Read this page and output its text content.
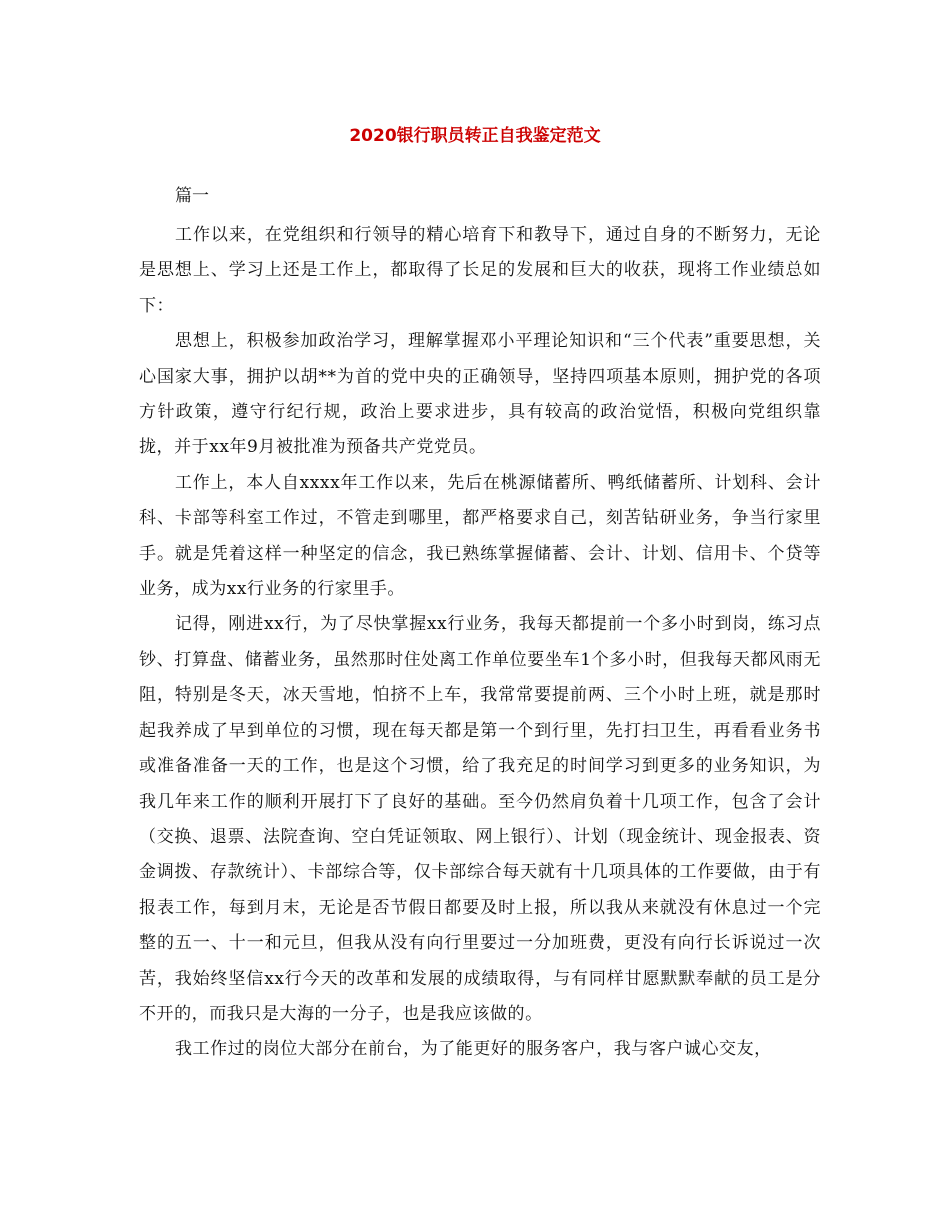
2020银行职员转正自我鉴定范文

篇一

工作以来，在党组织和行领导的精心培育下和教导下，通过自身的不断努力，无论是思想上、学习上还是工作上，都取得了长足的发展和巨大的收获，现将工作业绩总如下：

思想上，积极参加政治学习，理解掌握邓小平理论知识和“三个代表”重要思想，关心国家大事，拥护以胡**为首的党中央的正确领导，坚持四项基本原则，拥护党的各项方针政策，遵守行纪行规，政治上要求进步，具有较高的政治觉悟，积极向党组织靠拢，并于xx年9月被批准为预备共产党党员。

工作上，本人自xxxx年工作以来，先后在桃源储蓄所、鸭纸储蓄所、计划科、会计科、卡部等科室工作过，不管走到哪里，都严格要求自己，刻苦钻研业务，争当行家里手。就是凭着这样一种坚定的信念，我已熟练掌握储蓄、会计、计划、信用卡、个贷等业务，成为xx行业务的行家里手。

记得，刚进xx行，为了尽快掌握xx行业务，我每天都提前一个多小时到岗，练习点钞、打算盘、储蓄业务，虽然那时住处离工作单位要坐车1个多小时，但我每天都风雨无阻，特别是冬天，冰天雪地，怕挤不上车，我常常要提前两、三个小时上班，就是那时起我养成了早到单位的习惯，现在每天都是第一个到行里，先打扫卫生，再看看业务书或准备准备一天的工作，也是这个习惯，给了我充足的时间学习到更多的业务知识，为我几年来工作的顺利开展打下了良好的基础。至今仍然肩负着十几项工作，包含了会计（交换、退票、法院查询、空白凭证领取、网上银行）、计划（现金统计、现金报表、资金调拨、存款统计）、卡部综合等，仅卡部综合每天就有十几项具体的工作要做，由于有报表工作，每到月末，无论是否节假日都要及时上报，所以我从来就没有休息过一个完整的五一、十一和元旦，但我从没有向行里要过一分加班费，更没有向行长诉说过一次苦，我始终坚信xx行今天的改革和发展的成绩取得，与有同样甘愿默默奉献的员工是分不开的，而我只是大海的一分子，也是我应该做的。

我工作过的岗位大部分在前台，为了能更好的服务客户，我与客户诚心交友，
